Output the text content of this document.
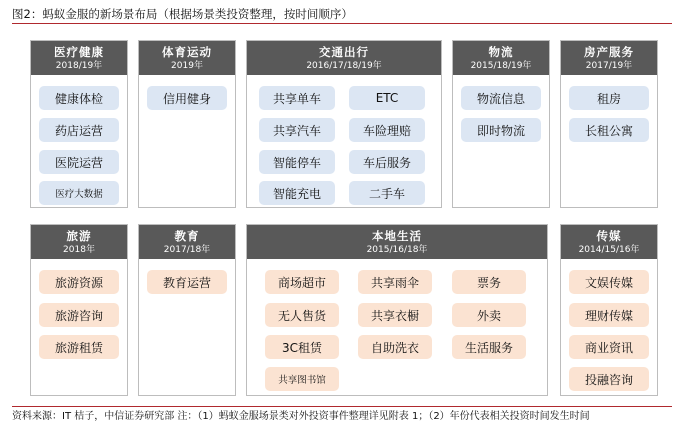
图2：蚂蚁金服的新场景布局（根据场景类投资整理，按时间顺序）
医疗健康
2018/19年
健康体检
药店运营
医院运营
医疗大数据
体育运动
2019年
信用健身
交通出行
2016/17/18/19年
共享单车	ETC
共享汽车	车险理赔
智能停车	车后服务
智能充电	二手车
物流
2015/18/19年
物流信息
即时物流
房产服务
2017/19年
租房
长租公寓
旅游
2018年
旅游资源
旅游咨询
旅游租赁
教育
2017/18年
教育运营
本地生活
2015/16/18年
商场超市	共享雨伞	票务
无人售货	共享衣橱	外卖
3C租赁	自助洗衣	生活服务
共享图书馆
传媒
2014/15/16年
文娱传媒
理财传媒
商业资讯
投融咨询
资料来源：IT 桔子，中信证券研究部 注：（1）蚂蚁金服场景类对外投资事件整理详见附表 1；（2）年份代表相关投资时间发生时间
